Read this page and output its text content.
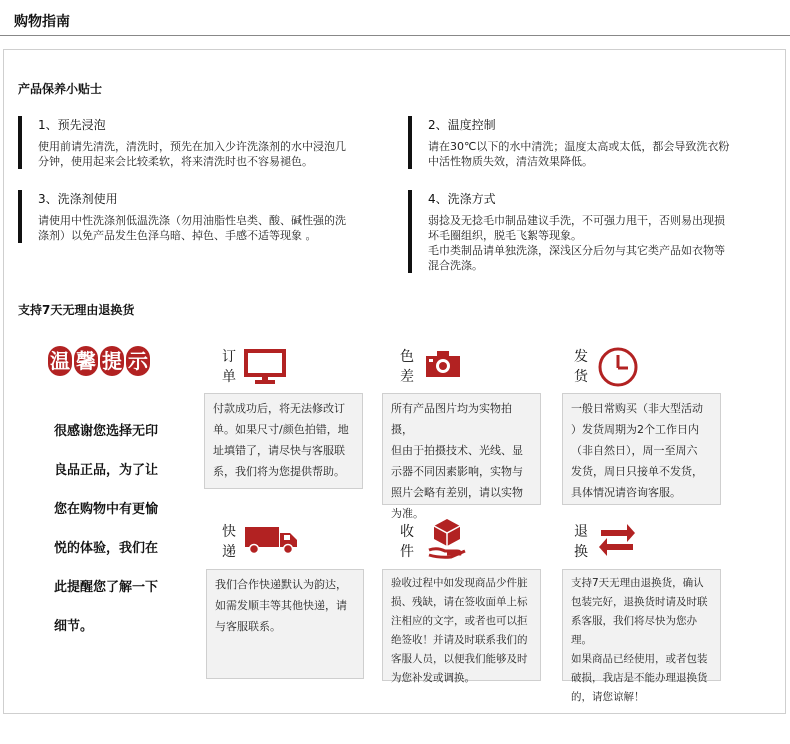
购物指南
产品保养小贴士
1、预先浸泡
使用前请先清洗，清洗时，预先在加入少许洗涤剂的水中浸泡几
分钟，使用起来会比较柔软，将来清洗时也不容易褪色。
2、温度控制
请在30℃以下的水中清洗；温度太高或太低，都会导致洗衣粉
中活性物质失效，清洁效果降低。
3、洗涤剂使用
请使用中性洗涤剂低温洗涤（勿用油脂性皂类、酸、碱性强的洗
涤剂）以免产品发生色泽乌暗、掉色、手感不适等现象 。
4、洗涤方式
弱捻及无捻毛巾制品建议手洗，不可强力甩干，否则易出现损
坏毛圈组织，脱毛飞絮等现象。
毛巾类制品请单独洗涤，深浅区分后勿与其它类产品如衣物等
混合洗涤。
支持7天无理由退换货
温 馨 提 示
很感谢您选择无印
良品正品，为了让
您在购物中有更愉
悦的体验，我们在
此提醒您了解一下
细节。
订
单
付款成功后，将无法修改订
单。如果尺寸/颜色拍错，地
址填错了，请尽快与客服联
系，我们将为您提供帮助。
色
差
所有产品图片均为实物拍摄，
但由于拍摄技术、光线、显
示器不同因素影响，实物与
照片会略有差别，请以实物
为准。
发
货
一般日常购买（非大型活动
）发货周期为2个工作日内
（非自然日），周一至周六
发货，周日只接单不发货，
具体情况请咨询客服。
快
递
我们合作快递默认为韵达，
如需发顺丰等其他快递，请
与客服联系。
收
件
验收过程中如发现商品少件脏
损、残缺，请在签收面单上标
注相应的文字，或者也可以拒
绝签收！并请及时联系我们的
客服人员，以便我们能够及时
为您补发或调换。
退
换
支持7天无理由退换货，确认
包装完好，退换货时请及时联
系客服，我们将尽快为您办理。
如果商品已经使用，或者包装
破损，我店是不能办理退换货
的，请您谅解！
